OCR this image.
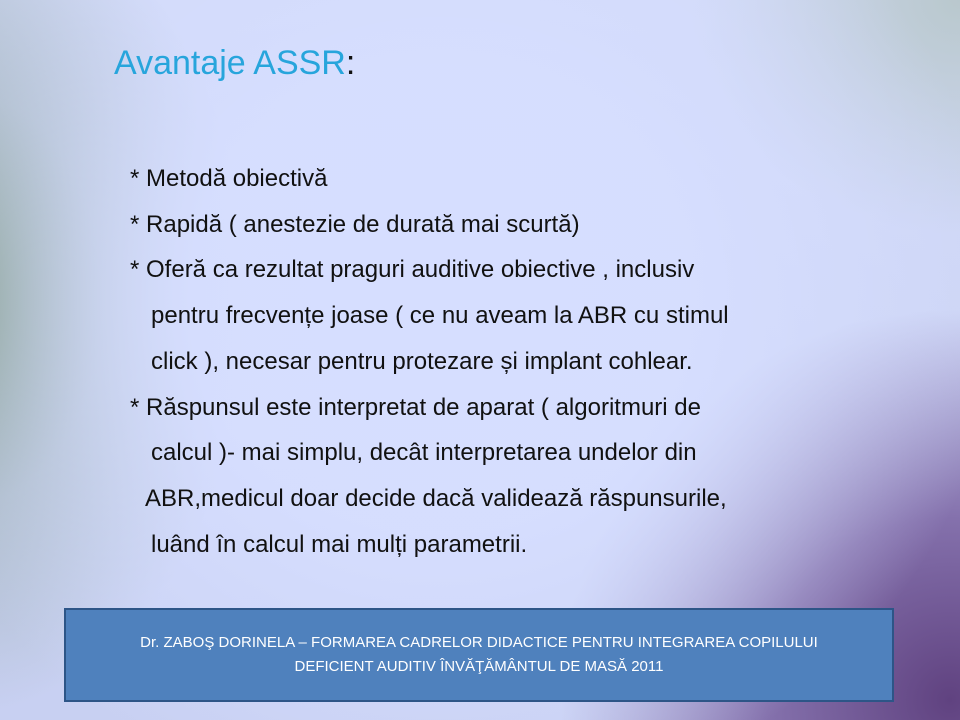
Avantaje ASSR:
* Metodă obiectivă
* Rapidă ( anestezie de durată mai scurtă)
* Oferă ca rezultat praguri auditive obiective , inclusiv
pentru frecvențe joase ( ce nu aveam la ABR cu stimul
click ), necesar pentru protezare și implant cohlear.
* Răspunsul este interpretat de aparat ( algoritmuri de
calcul )- mai simplu, decât interpretarea undelor din
ABR,medicul doar decide dacă validează răspunsurile,
luând în calcul mai mulți parametrii.
Dr. ZABOŞ DORINELA – FORMAREA CADRELOR DIDACTICE PENTRU INTEGRAREA COPILULUI
DEFICIENT AUDITIV ÎNVĂŢĂMÂNTUL DE MASĂ 2011
